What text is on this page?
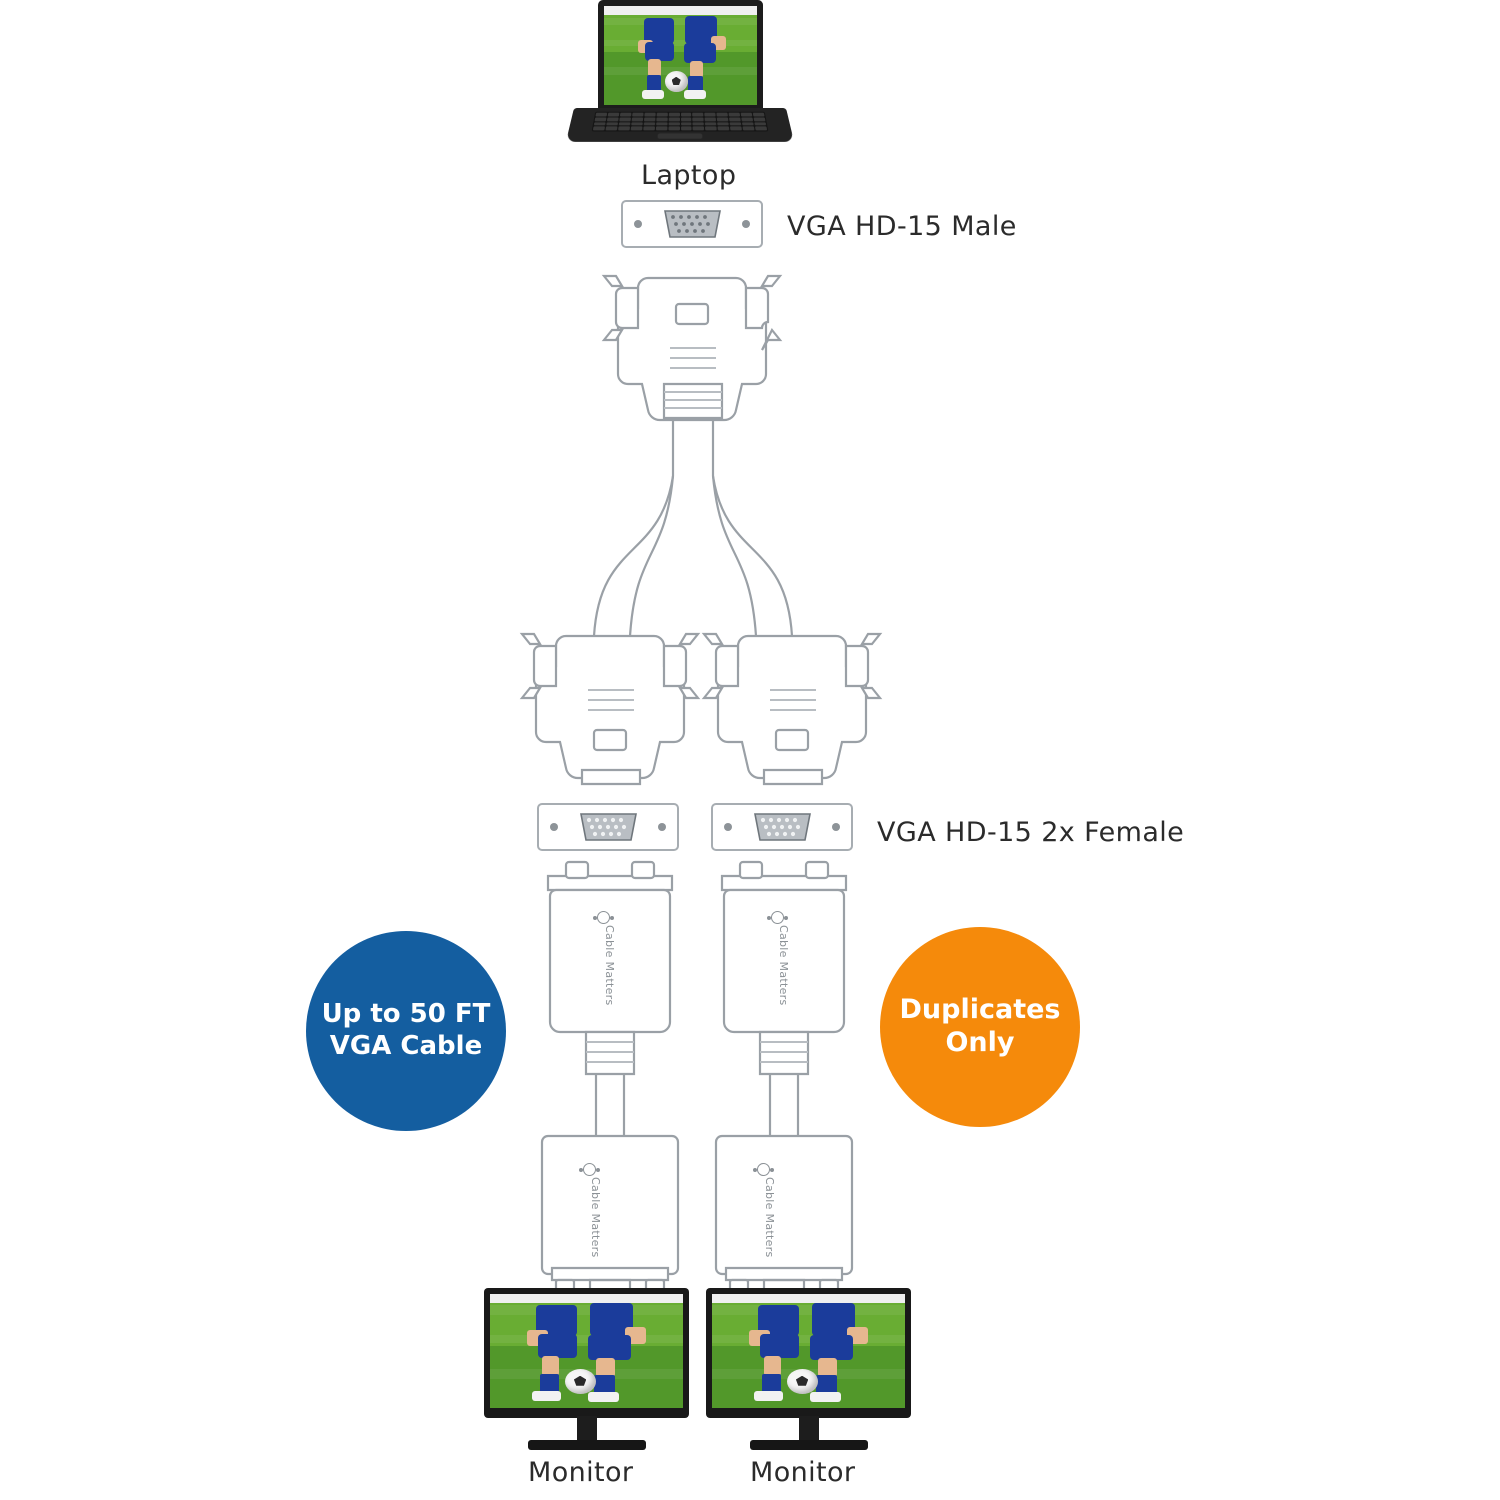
Laptop
Cable Matters	Cable Matters
Cable Matters	Cable Matters
VGA HD-15 Male
VGA HD-15 2x Female
Up to 50 FT
VGA Cable
Duplicates
Only
Monitor	Monitor
